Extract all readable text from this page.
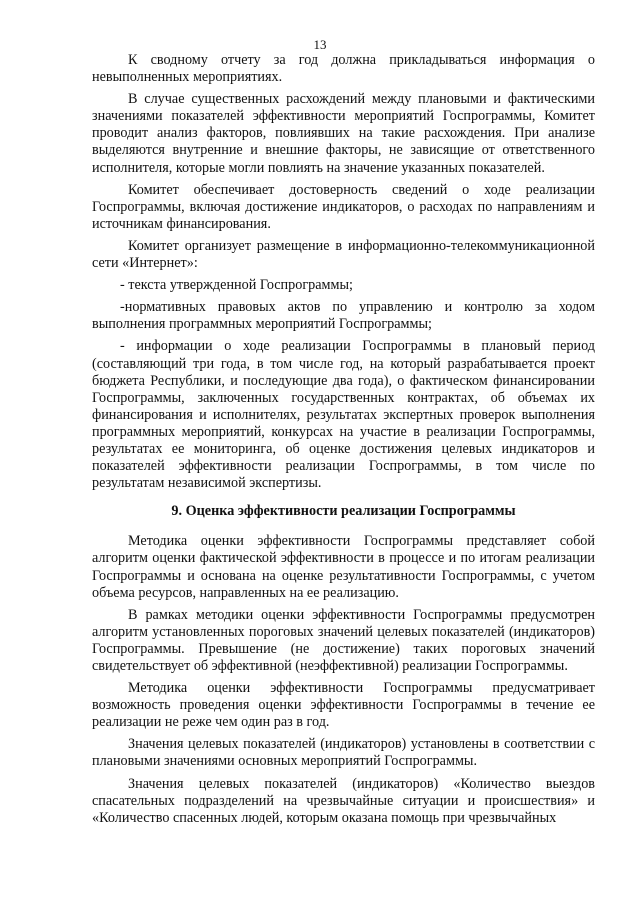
13

К сводному отчету за год должна прикладываться информация о невыполненных мероприятиях.

В случае существенных расхождений между плановыми и фактическими значениями показателей эффективности мероприятий Госпрограммы, Комитет проводит анализ факторов, повлиявших на такие расхождения. При анализе выделяются внутренние и внешние факторы, не зависящие от ответственного исполнителя, которые могли повлиять на значение указанных показателей.

Комитет обеспечивает достоверность сведений о ходе реализации Госпрограммы, включая достижение индикаторов, о расходах по направлениям и источникам финансирования.

Комитет организует размещение в информационно-телекоммуникационной сети «Интернет»:

- текста утвержденной Госпрограммы;

-нормативных правовых актов по управлению и контролю за ходом выполнения программных мероприятий Госпрограммы;

- информации о ходе реализации Госпрограммы в плановый период (составляющий три года, в том числе год, на который разрабатывается проект бюджета Республики, и последующие два года), о фактическом финансировании Госпрограммы, заключенных государственных контрактах, об объемах их финансирования и исполнителях, результатах экспертных проверок выполнения программных мероприятий, конкурсах на участие в реализации Госпрограммы, результатах ее мониторинга, об оценке достижения целевых индикаторов и показателей эффективности реализации Госпрограммы, в том числе по результатам независимой экспертизы.

9. Оценка эффективности реализации Госпрограммы

Методика оценки эффективности Госпрограммы представляет собой алгоритм оценки фактической эффективности в процессе и по итогам реализации Госпрограммы и основана на оценке результативности Госпрограммы, с учетом объема ресурсов, направленных на ее реализацию.

В рамках методики оценки эффективности Госпрограммы предусмотрен алгоритм установленных пороговых значений целевых показателей (индикаторов) Госпрограммы. Превышение (не достижение) таких пороговых значений свидетельствует об эффективной (неэффективной) реализации Госпрограммы.

Методика оценки эффективности Госпрограммы предусматривает возможность проведения оценки эффективности Госпрограммы в течение ее реализации не реже чем один раз в год.

Значения целевых показателей (индикаторов) установлены в соответствии с плановыми значениями основных мероприятий Госпрограммы.

Значения целевых показателей (индикаторов) «Количество выездов спасательных подразделений на чрезвычайные ситуации и происшествия» и «Количество спасенных людей, которым оказана помощь при чрезвычайных
